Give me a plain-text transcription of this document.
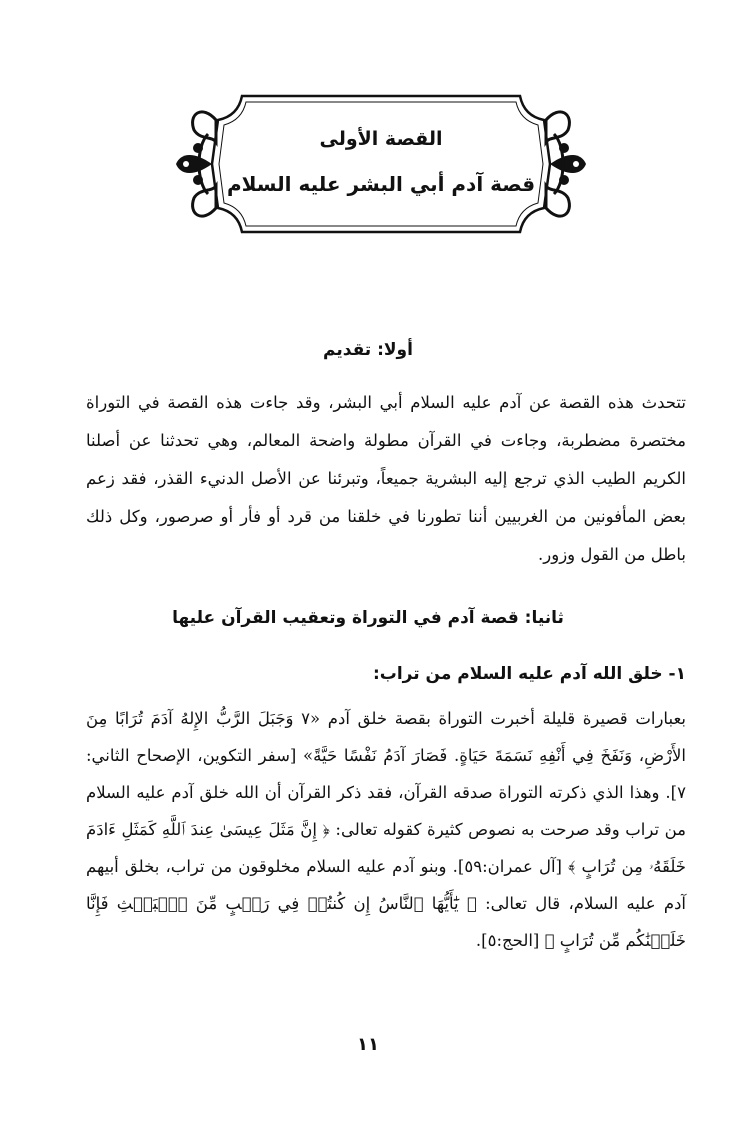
القصة الأولى
قصة آدم أبي البشر عليه السلام
أولا: تقديم

تتحدث هذه القصة عن آدم عليه السلام أبي البشر، وقد جاءت هذه القصة في التوراة مختصرة مضطربة، وجاءت في القرآن مطولة واضحة المعالم، وهي تحدثنا عن أصلنا الكريم الطيب الذي ترجع إليه البشرية جميعاً، وتبرئنا عن الأصل الدنيء القذر، فقد زعم بعض المأفونين من الغربيين أننا تطورنا في خلقنا من قرد أو فأر أو صرصور، وكل ذلك باطل من القول وزور.

ثانيا: قصة آدم في التوراة وتعقيب القرآن عليها
١- خلق الله آدم عليه السلام من تراب:

بعبارات قصيرة قليلة أخبرت التوراة بقصة خلق آدم «٧ وَجَبَلَ الرَّبُّ الإِلهُ آدَمَ تُرَابًا مِنَ الأَرْضِ، وَنَفَخَ فِي أَنْفِهِ نَسَمَةَ حَيَاةٍ. فَصَارَ آدَمُ نَفْسًا حَيَّةً» [سفر التكوين، الإصحاح الثاني: ٧]. وهذا الذي ذكرته التوراة صدقه القرآن، فقد ذكر القرآن أن الله خلق آدم عليه السلام من تراب وقد صرحت به نصوص كثيرة كقوله تعالى: ﴿ إِنَّ مَثَلَ عِيسَىٰ عِندَ ٱللَّهِ كَمَثَلِ ءَادَمَ خَلَقَهُۥ مِن تُرَابٍ ﴾ [آل عمران:٥٩]. وبنو آدم عليه السلام مخلوقون من تراب، بخلق أبيهم آدم عليه السلام، قال تعالى: ﴿ يَٰٓأَيُّهَا ٱلنَّاسُ إِن كُنتُمۡ فِي رَيۡبٍ مِّنَ ٱلۡبَعۡثِ فَإِنَّا خَلَقۡنَٰكُم مِّن تُرَابٍ ﴾ [الحج:٥].

١١
